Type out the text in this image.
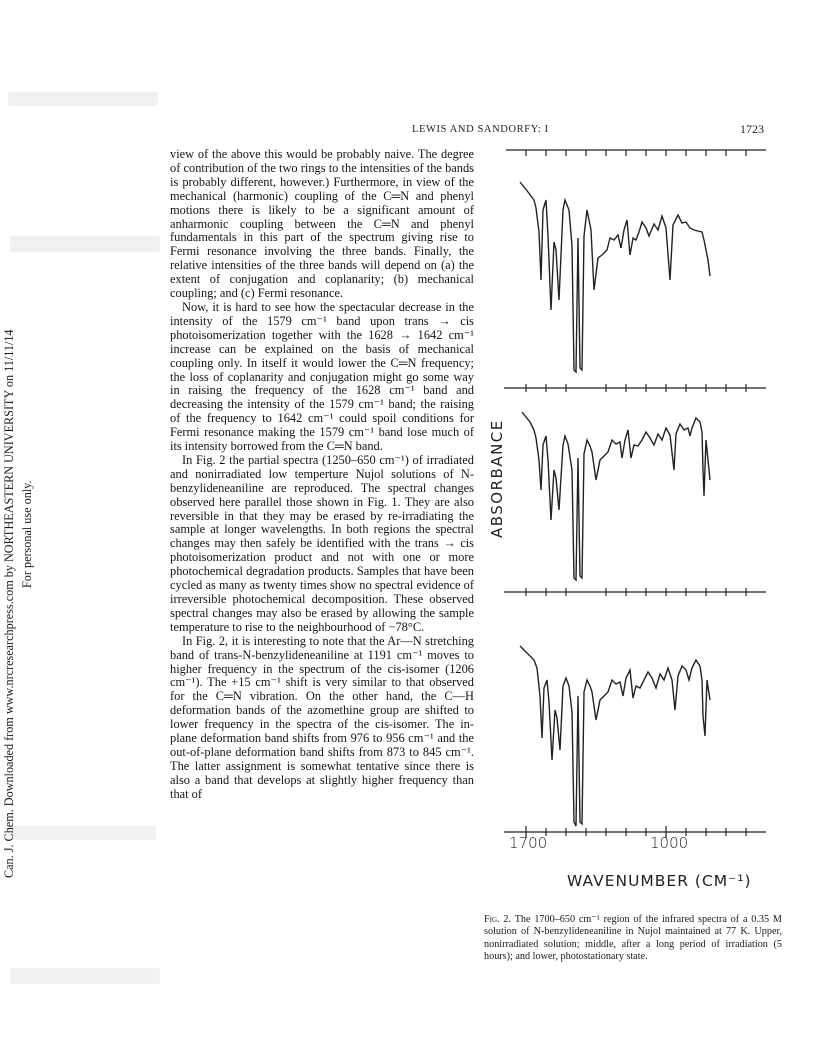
Can. J. Chem. Downloaded from www.nrcresearchpress.com by NORTHEASTERN UNIVERSITY on 11/11/14 For personal use only.
LEWIS AND SANDORFY: I	1723

view of the above this would be probably naive. The degree of contribution of the two rings to the intensities of the bands is probably different, however.) Furthermore, in view of the mechanical (harmonic) coupling of the C═N and phenyl motions there is likely to be a significant amount of anharmonic coupling between the C═N and phenyl fundamentals in this part of the spectrum giving rise to Fermi resonance involving the three bands. Finally, the relative intensities of the three bands will depend on (a) the extent of conjugation and coplanarity; (b) mechanical coupling; and (c) Fermi resonance.

Now, it is hard to see how the spectacular decrease in the intensity of the 1579 cm⁻¹ band upon trans → cis photoisomerization together with the 1628 → 1642 cm⁻¹ increase can be explained on the basis of mechanical coupling only. In itself it would lower the C═N frequency; the loss of coplanarity and conjugation might go some way in raising the frequency of the 1628 cm⁻¹ band and decreasing the intensity of the 1579 cm⁻¹ band; the raising of the frequency to 1642 cm⁻¹ could spoil conditions for Fermi resonance making the 1579 cm⁻¹ band lose much of its intensity borrowed from the C═N band.

In Fig. 2 the partial spectra (1250–650 cm⁻¹) of irradiated and nonirradiated low temperture Nujol solutions of N-benzylideneaniline are reproduced. The spectral changes observed here parallel those shown in Fig. 1. They are also reversible in that they may be erased by re-irradiating the sample at longer wavelengths. In both regions the spectral changes may then safely be identified with the trans → cis photoisomerization product and not with one or more photochemical degradation products. Samples that have been cycled as many as twenty times show no spectral evidence of irreversible photochemical decomposition. These observed spectral changes may also be erased by allowing the sample temperature to rise to the neighbourhood of −78°C.

In Fig. 2, it is interesting to note that the Ar—N stretching band of trans-N-benzylideneaniline at 1191 cm⁻¹ moves to higher frequency in the spectrum of the cis-isomer (1206 cm⁻¹). The +15 cm⁻¹ shift is very similar to that observed for the C═N vibration. On the other hand, the C—H deformation bands of the azomethine group are shifted to lower frequency in the spectra of the cis-isomer. The in-plane deformation band shifts from 976 to 956 cm⁻¹ and the out-of-plane deformation band shifts from 873 to 845 cm⁻¹. The latter assignment is somewhat tentative since there is also a band that develops at slightly higher frequency than that of

ABSORBANCE
1700	1000
WAVENUMBER (CM⁻¹)
Fig. 2. The 1700–650 cm⁻¹ region of the infrared spectra of a 0.35 M solution of N-benzylideneaniline in Nujol maintained at 77 K. Upper, nonirradiated solution; middle, after a long period of irradiation (5 hours); and lower, photostationary state.
